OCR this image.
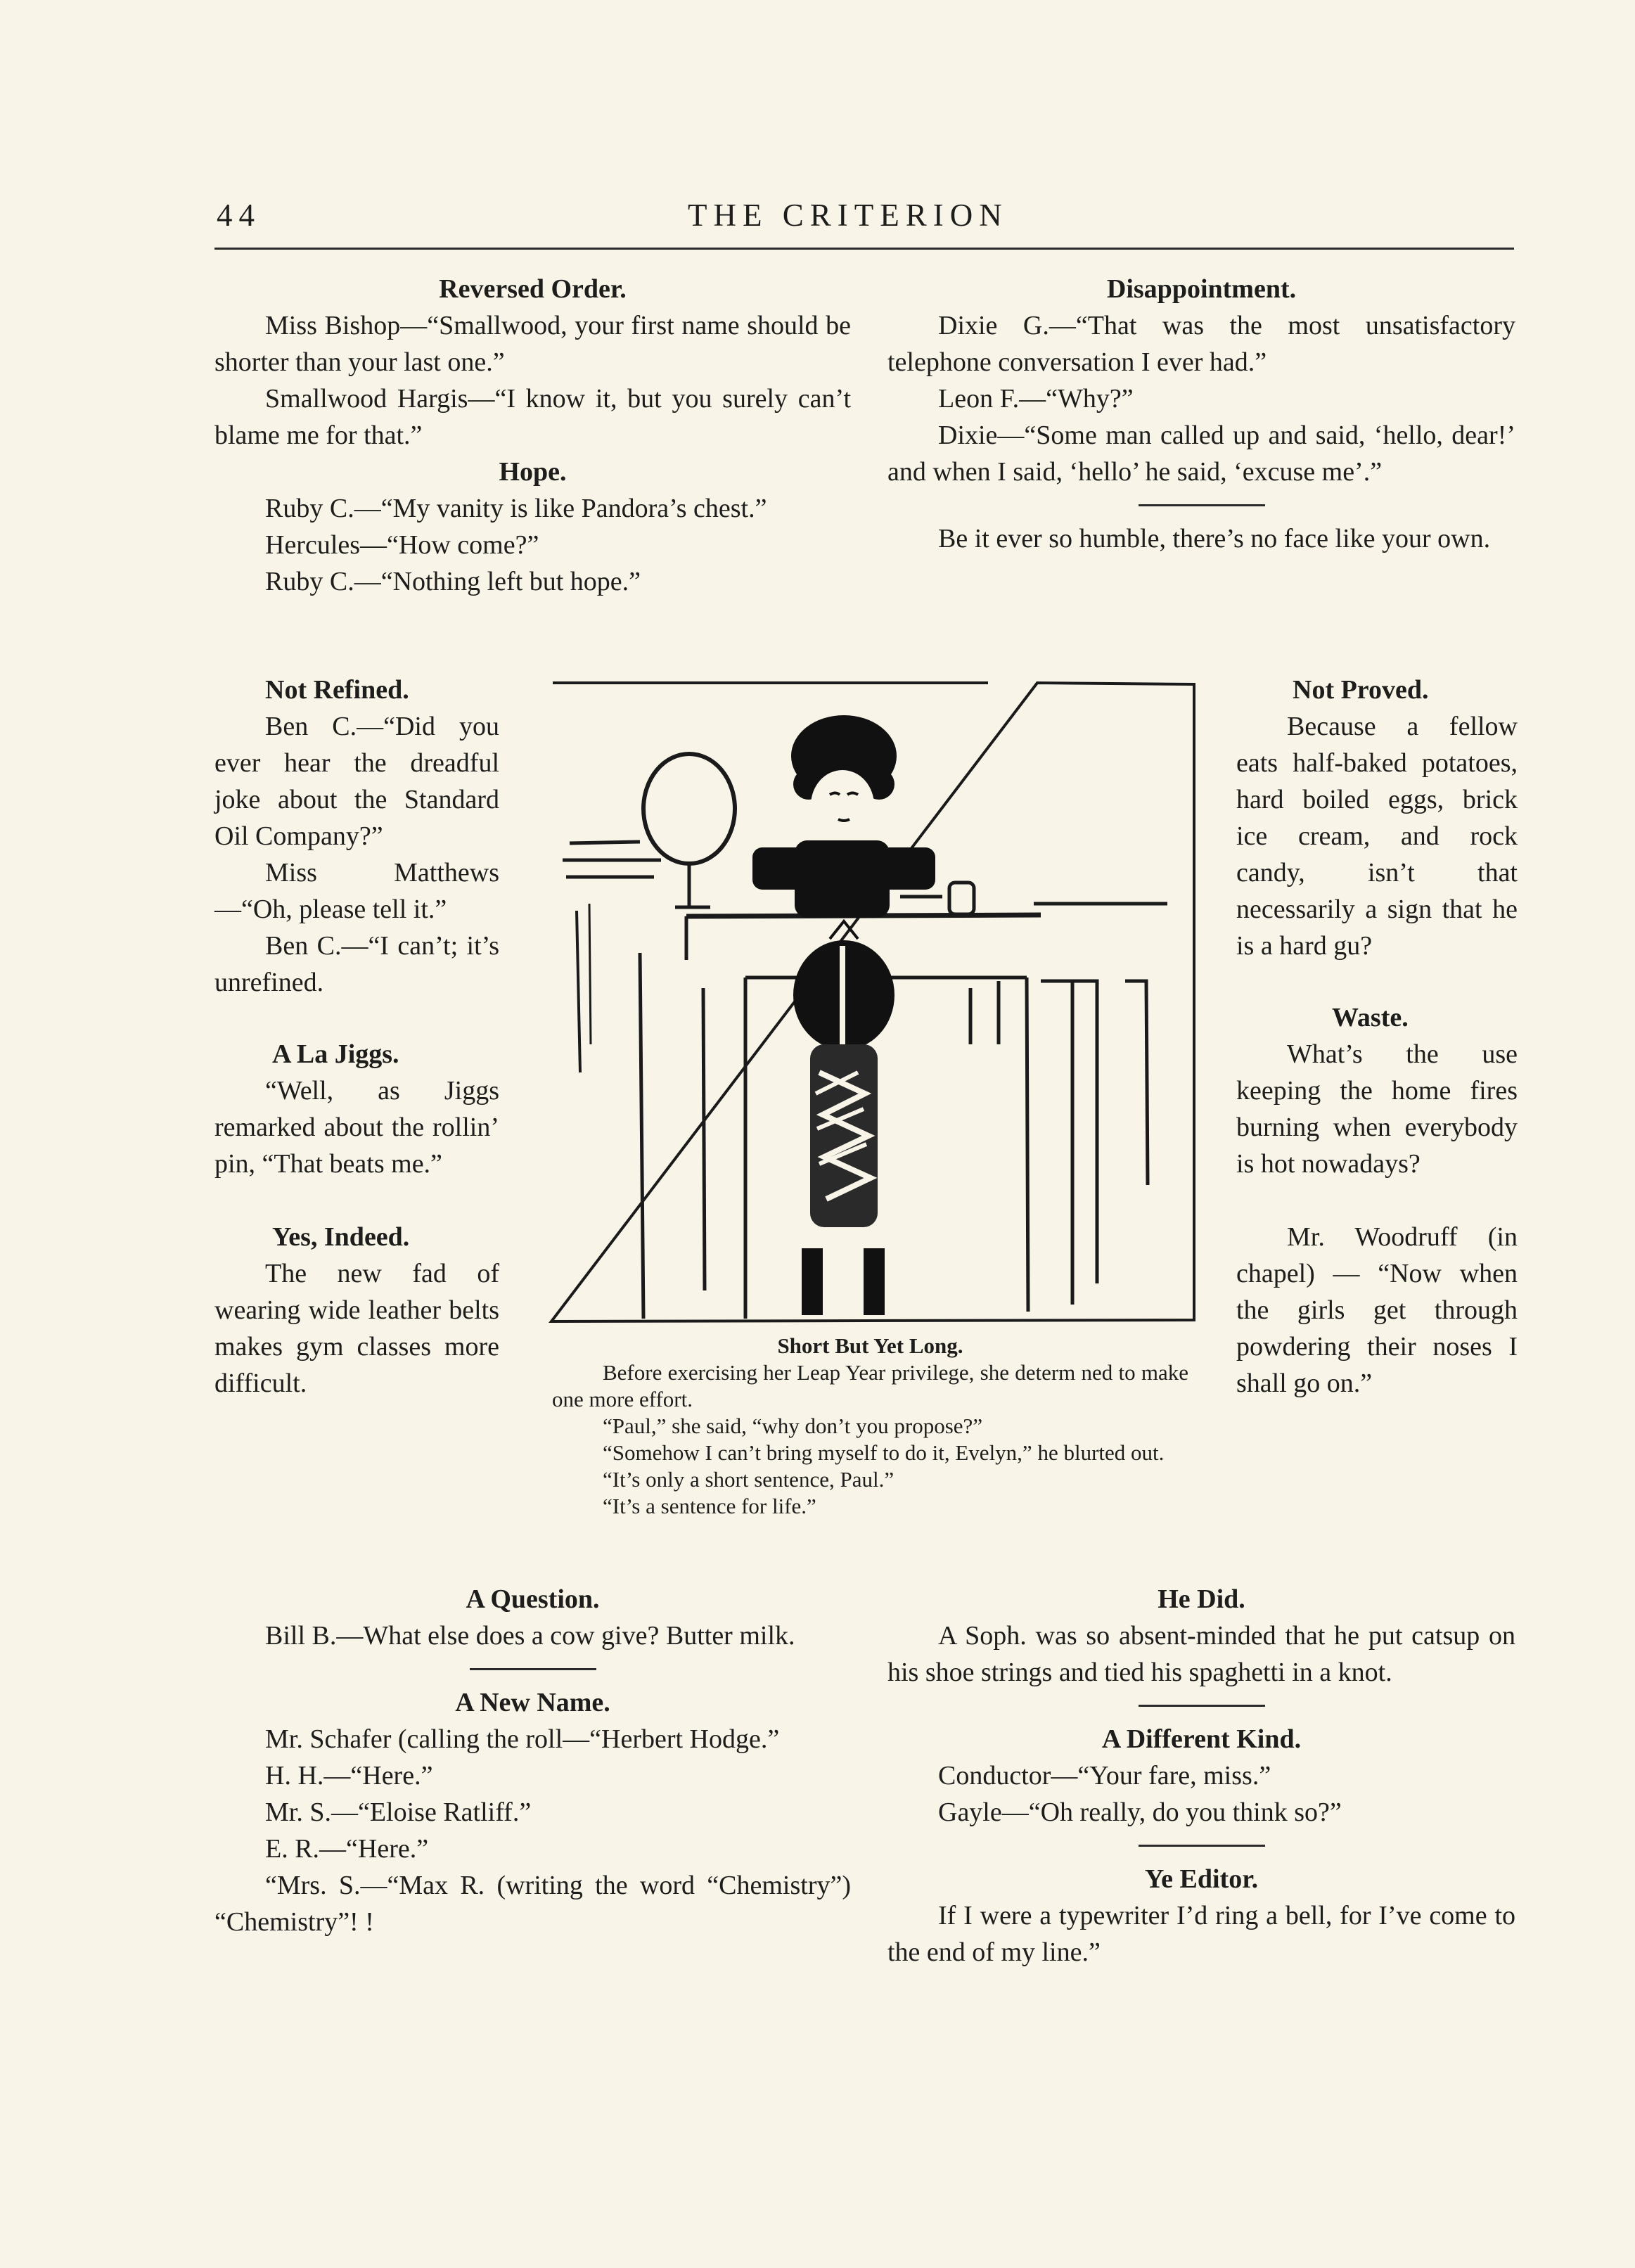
44	THE CRITERION

Reversed Order.

Miss Bishop—“Smallwood, your first name should be shorter than your last one.”

Smallwood Hargis—“I know it, but you surely can’t blame me for that.”

Hope.

Ruby C.—“My vanity is like Pandora’s chest.”

Hercules—“How come?”

Ruby C.—“Nothing left but hope.”

Disappointment.

Dixie G.—“That was the most unsatisfactory telephone conversation I ever had.”

Leon F.—“Why?”

Dixie—“Some man called up and said, ‘hello, dear!’ and when I said, ‘hello’ he said, ‘excuse me’.”

Be it ever so humble, there’s no face like your own.

Not Refined.

Ben C.—“Did you ever hear the dreadful joke about the Standard Oil Company?”

Miss Matthews—“Oh, please tell it.”

Ben C.—“I can’t; it’s unrefined.

A La Jiggs.

“Well, as Jiggs remarked about the rollin’ pin, “That beats me.”

Yes, Indeed.

The new fad of wearing wide leather belts makes gym classes more difficult.

Short But Yet Long.

Before exercising her Leap Year privilege, she determ ned to make one more effort.

“Paul,” she said, “why don’t you propose?”

“Somehow I can’t bring myself to do it, Evelyn,” he blurted out.

“It’s only a short sentence, Paul.”

“It’s a sentence for life.”

Not Proved.

Because a fellow eats half-baked potatoes, hard boiled eggs, brick ice cream, and rock candy, isn’t that necessarily a sign that he is a hard gu?

Waste.

What’s the use keeping the home fires burning when everybody is hot nowadays?

Mr. Woodruff (in chapel) — “Now when the girls get through powdering their noses I shall go on.”

A Question.

Bill B.—What else does a cow give? Butter milk.

A New Name.

Mr. Schafer (calling the roll—“Herbert Hodge.”

H. H.—“Here.”

Mr. S.—“Eloise Ratliff.”

E. R.—“Here.”

“Mrs. S.—“Max R. (writing the word “Chemistry”) “Chemistry”! !

He Did.

A Soph. was so absent-minded that he put catsup on his shoe strings and tied his spaghetti in a knot.

A Different Kind.

Conductor—“Your fare, miss.”

Gayle—“Oh really, do you think so?”

Ye Editor.

If I were a typewriter I’d ring a bell, for I’ve come to the end of my line.”
